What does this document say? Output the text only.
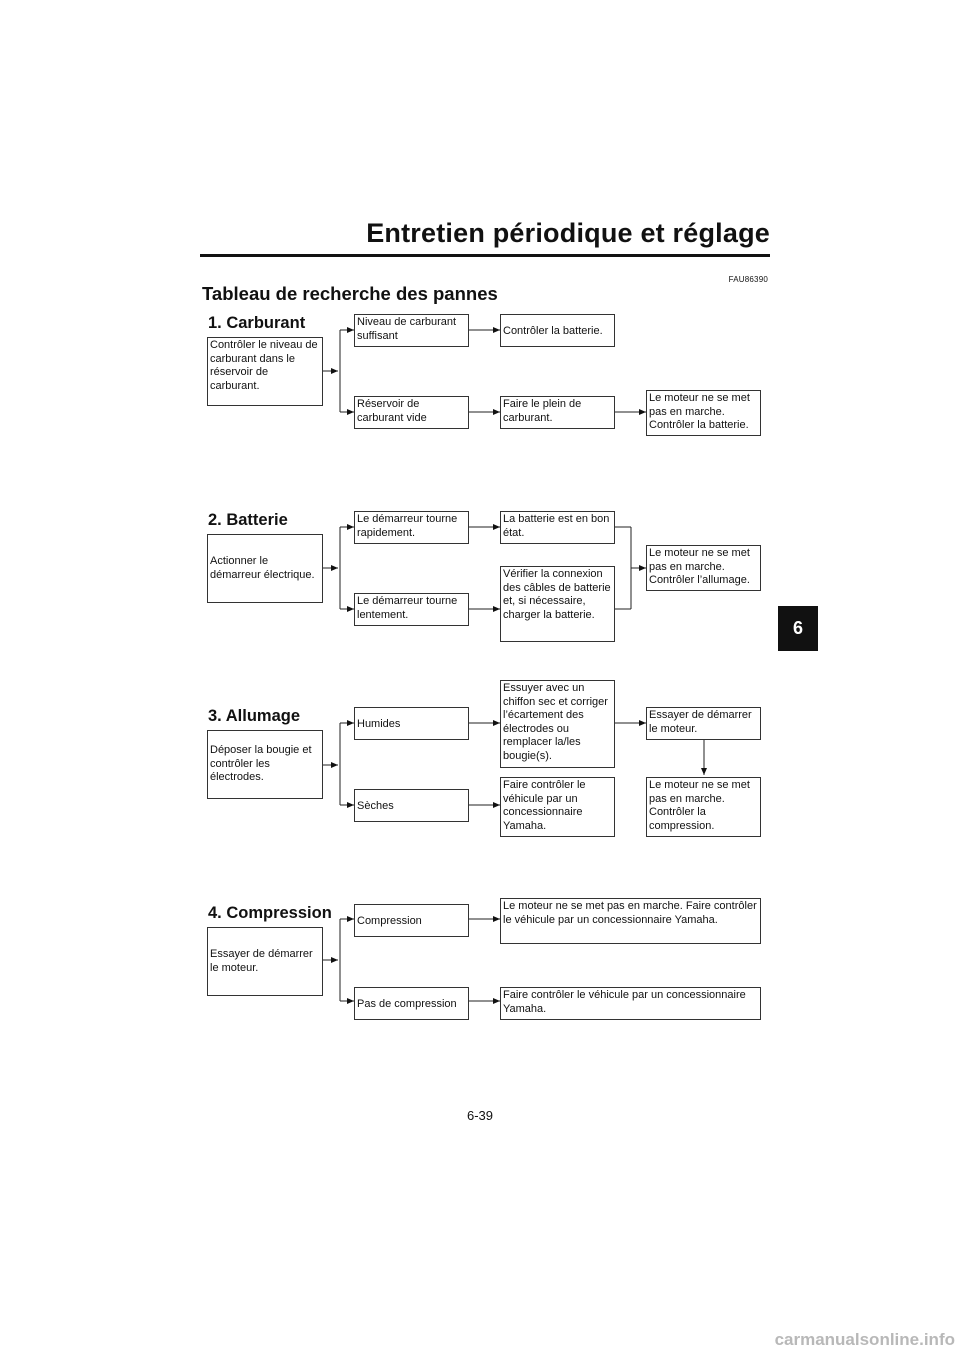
Entretien périodique et réglage
FAU86390
Tableau de recherche des pannes
6
1. Carburant
Contrôler le niveau de carburant dans le réservoir de carburant.
Niveau de carburant suffisant	Contrôler la batterie.
Réservoir de carburant vide
Faire le plein de carburant.
Le moteur ne se met pas en marche. Contrôler la batterie.
2. Batterie
Actionner le démarreur électrique.
Le démarreur tourne rapidement.
La batterie est en bon état.
Le démarreur tourne lentement.
Vérifier la connexion des câbles de batterie et, si nécessaire, charger la batterie.
Le moteur ne se met pas en marche. Contrôler l’allumage.
3. Allumage
Déposer la bougie et contrôler les électrodes.
Humides
Essuyer avec un chiffon sec et corriger l’écartement des électrodes ou remplacer la/les bougie(s).
Essayer de démarrer le moteur.
Sèches
Faire contrôler le véhicule par un concessionnaire Yamaha.
Le moteur ne se met pas en marche. Contrôler la compression.
4. Compression
Essayer de démarrer le moteur.
Compression
Le moteur ne se met pas en marche. Faire contrôler le véhicule par un concessionnaire Yamaha.
Pas de compression
Faire contrôler le véhicule par un concessionnaire Yamaha.
6-39
carmanualsonline.info
